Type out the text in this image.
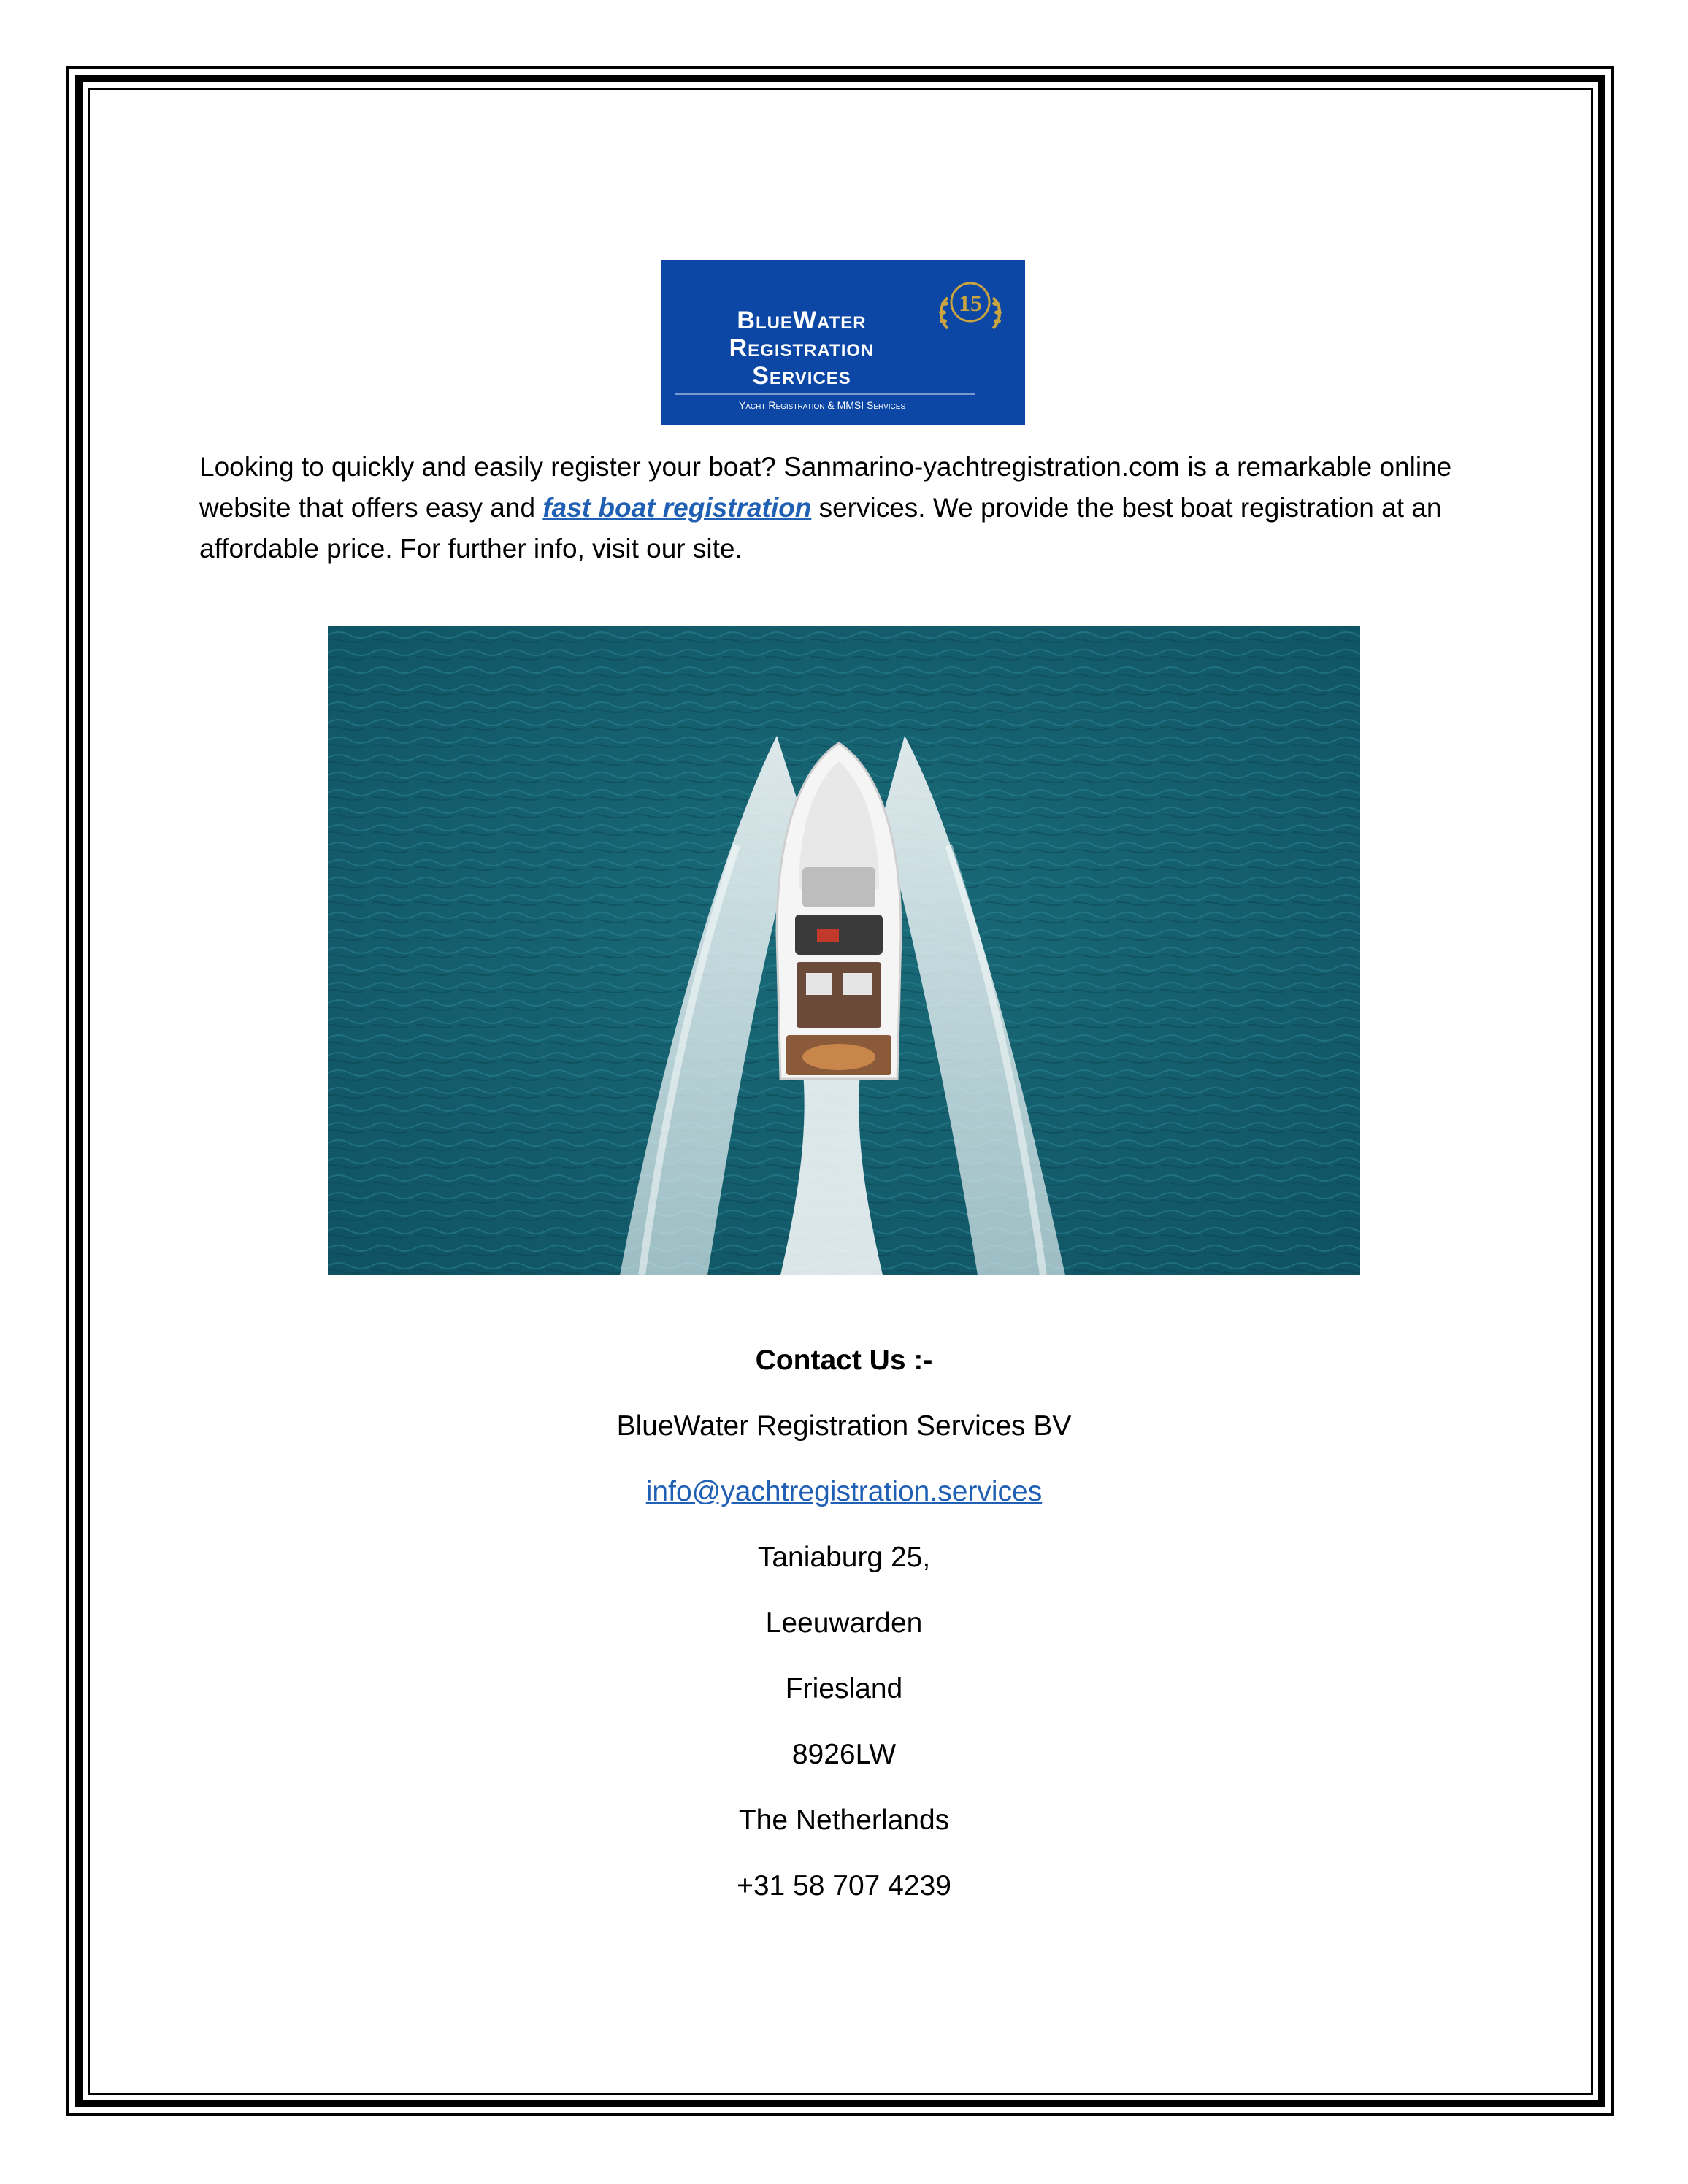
15
BlueWater
Registration
Services
Yacht Registration & MMSI Services

Looking to quickly and easily register your boat? Sanmarino-yachtregistration.com is a remarkable online website that offers easy and fast boat registration services. We provide the best boat registration at an affordable price. For further info, visit our site.

Contact Us :-

BlueWater Registration Services BV

info@yachtregistration.services

Taniaburg 25,

Leeuwarden

Friesland

8926LW

The Netherlands

+31 58 707 4239
